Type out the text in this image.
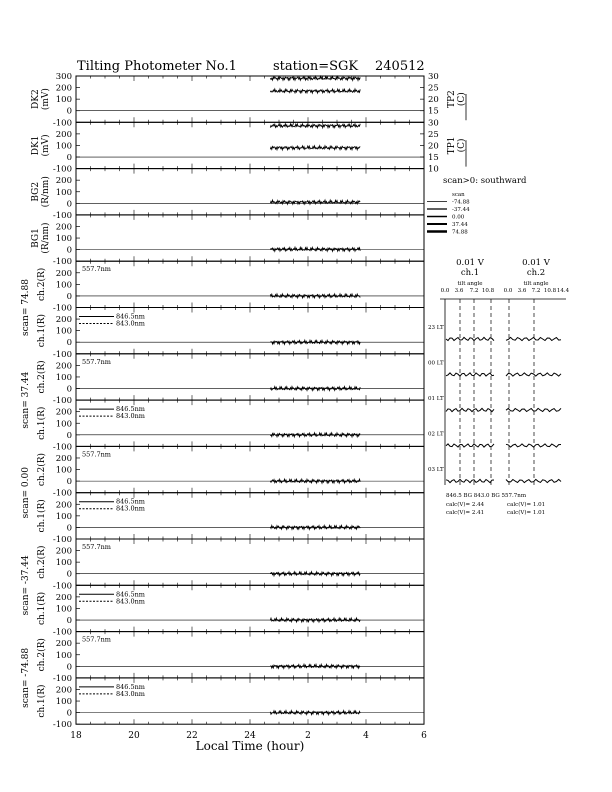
Tilting Photometer No.1	station=SGK 240512
300
200
100
0
-100
DK2(mV)
30
25
20
15
TP2(C)
200
100
0
-100
DK1(mV)
30
25
20
15
10
TP1(C)
200
100
0
-100
BG2(R/nm)
200
100
0
-100
BG1(R/nm)
200
100
0
-100
ch.2(R)	557.7nm
200
100
0
-100
ch.1(R)	846.5nm
843.0nm
200
100
0
-100
ch.2(R)	557.7nm
200
100
0
-100
ch.1(R)	846.5nm
843.0nm
200
100
0
-100
ch.2(R)	557.7nm
200
100
0
-100
ch.1(R)	846.5nm
843.0nm
200
100
0
-100
ch.2(R)	557.7nm
200
100
0
-100
ch.1(R)	846.5nm
843.0nm
200
100
0
-100
ch.2(R)	557.7nm
200
100
0
-100
ch.1(R)	846.5nm
843.0nm
18	20	22	24	2	4	6
Local Time (hour)
scan= 74.88
scan= 37.44
scan= 0.00
scan= -37.44
scan= -74.88
scan>0: southward
scan
-74.88
-37.44
0.00
37.44
74.88
0.01 V
ch.1
tilt angle
0.01 V
ch.2
tilt angle
0.0 3.6 7.2 10.8 0.0 3.6 7.2 10.8 14.4
23 LT
00 LT
01 LT
02 LT
03 LT
846.5 BG 843.0 BG 557.7nm
calc(V)= 2.44	calc(V)= 1.01
calc(V)= 2.41	calc(V)= 1.01
